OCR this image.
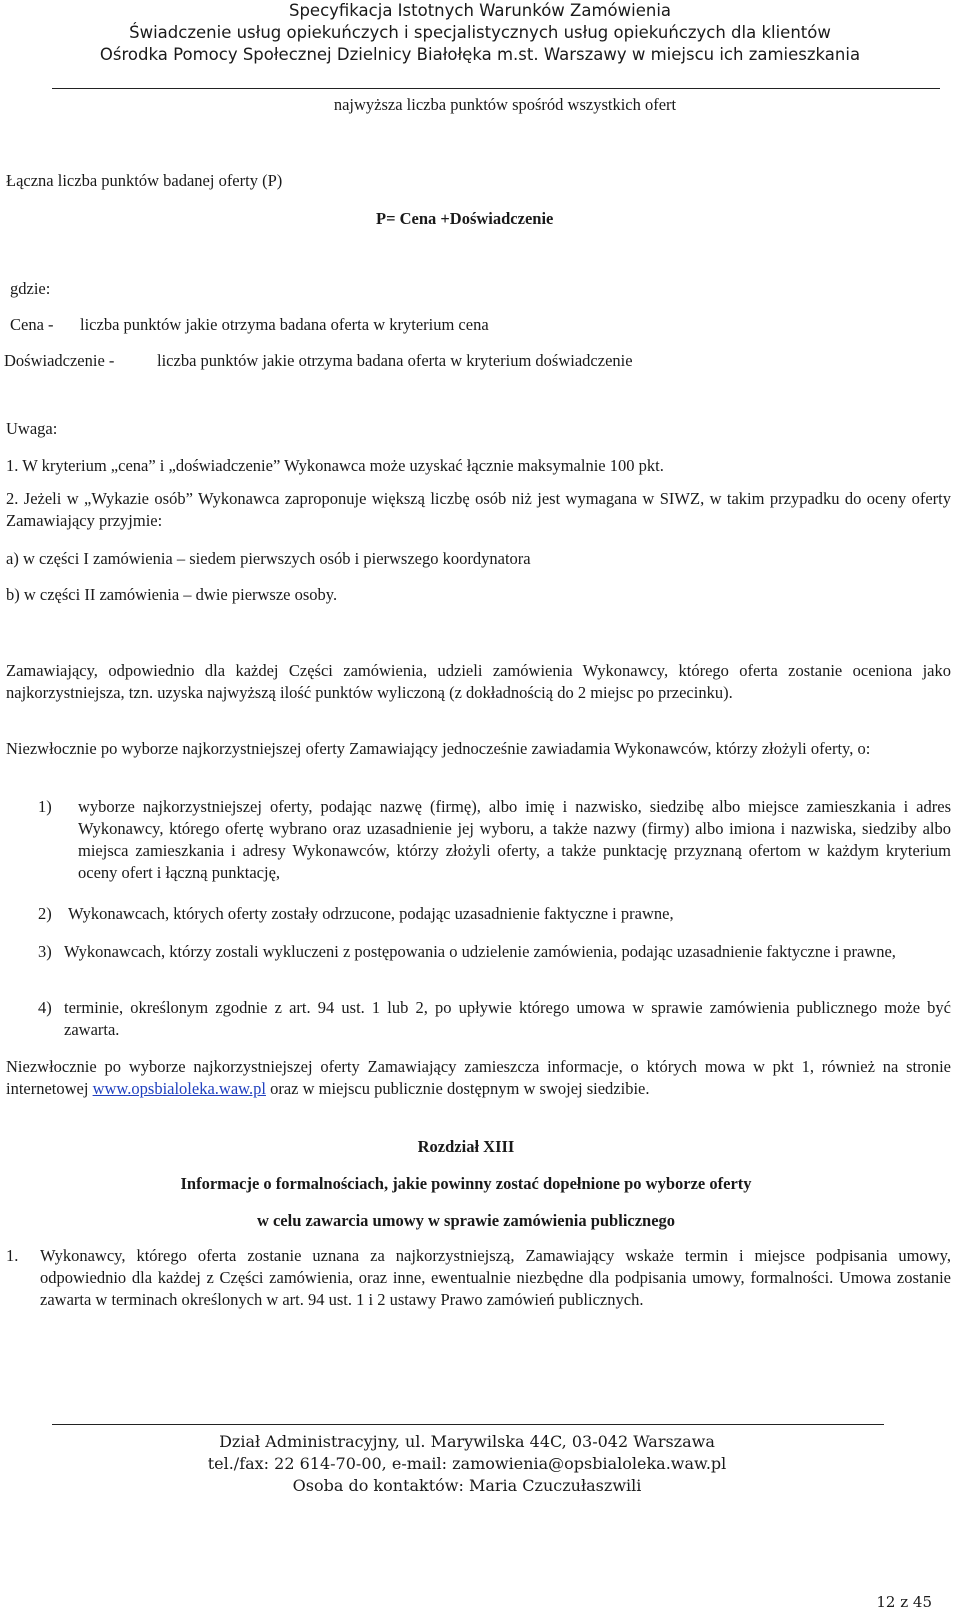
Specyfikacja Istotnych Warunków Zamówienia
Świadczenie usług opiekuńczych i specjalistycznych usług opiekuńczych dla klientów
Ośrodka Pomocy Społecznej Dzielnicy Białołęka m.st. Warszawy w miejscu ich zamieszkania
najwyższa liczba punktów spośród wszystkich ofert
Łączna liczba punktów badanej oferty (P)
P= Cena +Doświadczenie
gdzie:
Cena - liczba punktów jakie otrzyma badana oferta w kryterium cena
Doświadczenie -	liczba punktów jakie otrzyma badana oferta w kryterium doświadczenie
Uwaga:
1. W kryterium „cena” i „doświadczenie” Wykonawca może uzyskać łącznie maksymalnie 100 pkt.
2. Jeżeli w „Wykazie osób” Wykonawca zaproponuje większą liczbę osób niż jest wymagana w SIWZ, w takim przypadku do oceny oferty Zamawiający przyjmie:
a) w części I zamówienia – siedem pierwszych osób i pierwszego koordynatora
b) w części II zamówienia – dwie pierwsze osoby.
Zamawiający, odpowiednio dla każdej Części zamówienia, udzieli zamówienia Wykonawcy, którego oferta zostanie oceniona jako najkorzystniejsza, tzn. uzyska najwyższą ilość punktów wyliczoną (z dokładnością do 2 miejsc po przecinku).
Niezwłocznie po wyborze najkorzystniejszej oferty Zamawiający jednocześnie zawiadamia Wykonawców, którzy złożyli oferty, o:
1) wyborze najkorzystniejszej oferty, podając nazwę (firmę), albo imię i nazwisko, siedzibę albo miejsce zamieszkania i adres Wykonawcy, którego ofertę wybrano oraz uzasadnienie jej wyboru, a także nazwy (firmy) albo imiona i nazwiska, siedziby albo miejsca zamieszkania i adresy Wykonawców, którzy złożyli oferty, a także punktację przyznaną ofertom w każdym kryterium oceny ofert i łączną punktację,
2) Wykonawcach, których oferty zostały odrzucone, podając uzasadnienie faktyczne i prawne,
3) Wykonawcach, którzy zostali wykluczeni z postępowania o udzielenie zamówienia, podając uzasadnienie faktyczne i prawne,
4) terminie, określonym zgodnie z art. 94 ust. 1 lub 2, po upływie którego umowa w sprawie zamówienia publicznego może być zawarta.
Niezwłocznie po wyborze najkorzystniejszej oferty Zamawiający zamieszcza informacje, o których mowa w pkt 1, również na stronie internetowej www.opsbialoleka.waw.pl oraz w miejscu publicznie dostępnym w swojej siedzibie.
Rozdział XIII
Informacje o formalnościach, jakie powinny zostać dopełnione po wyborze oferty
w celu zawarcia umowy w sprawie zamówienia publicznego
1. Wykonawcy, którego oferta zostanie uznana za najkorzystniejszą, Zamawiający wskaże termin i miejsce podpisania umowy, odpowiednio dla każdej z Części zamówienia, oraz inne, ewentualnie niezbędne dla podpisania umowy, formalności. Umowa zostanie zawarta w terminach określonych w art. 94 ust. 1 i 2 ustawy Prawo zamówień publicznych.
Dział Administracyjny, ul. Marywilska 44C, 03-042 Warszawa
tel./fax: 22 614-70-00, e-mail: zamowienia@opsbialoleka.waw.pl
Osoba do kontaktów: Maria Czuczułaszwili
12 z 45
